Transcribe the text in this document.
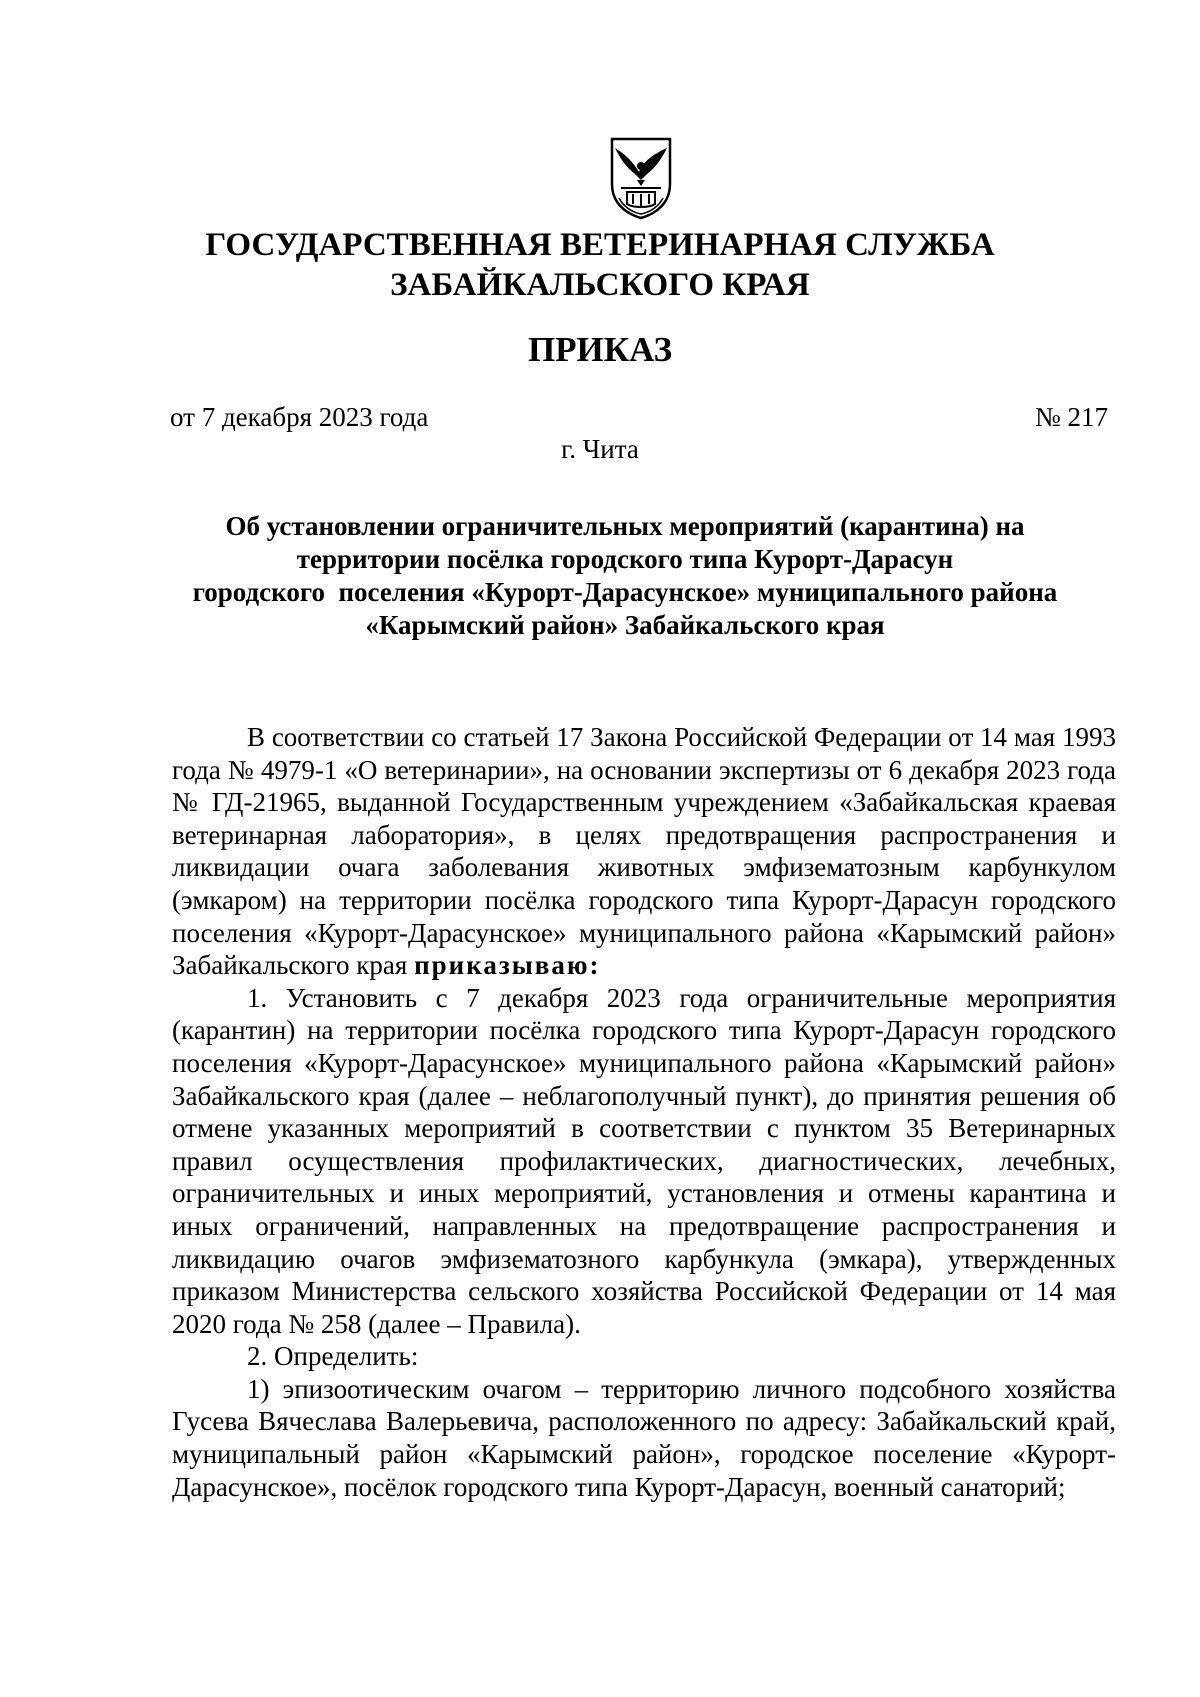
ГОСУДАРСТВЕННАЯ ВЕТЕРИНАРНАЯ СЛУЖБА
ЗАБАЙКАЛЬСКОГО КРАЯ
ПРИКАЗ
от 7 декабря 2023 года	№ 217
г. Чита
Об установлении ограничительных мероприятий (карантина) на
территории посёлка городского типа Курорт-Дарасун
городского  поселения «Курорт-Дарасунское» муниципального района
«Карымский район» Забайкальского края

В соответствии со статьей 17 Закона Российской Федерации от 14 мая 1993 года № 4979-1 «О ветеринарии», на основании экспертизы от 6 декабря 2023 года № ГД-21965, выданной Государственным учреждением «Забайкальская краевая ветеринарная лаборатория», в целях предотвращения распространения и ликвидации очага заболевания животных эмфизематозным карбункулом (эмкаром) на территории посёлка городского типа Курорт-Дарасун городского поселения «Курорт-Дарасунское» муниципального района «Карымский район» Забайкальского края приказываю:

1. Установить с 7 декабря 2023 года ограничительные мероприятия (карантин) на территории посёлка городского типа Курорт-Дарасун городского поселения «Курорт-Дарасунское» муниципального района «Карымский район» Забайкальского края (далее – неблагополучный пункт), до принятия решения об отмене указанных мероприятий в соответствии с пунктом 35 Ветеринарных правил осуществления профилактических, диагностических, лечебных, ограничительных и иных мероприятий, установления и отмены карантина и иных ограничений, направленных на предотвращение распространения и ликвидацию очагов эмфизематозного карбункула (эмкара), утвержденных приказом Министерства сельского хозяйства Российской Федерации от 14 мая 2020 года № 258 (далее – Правила).

2. Определить:

1) эпизоотическим очагом – территорию личного подсобного хозяйства Гусева Вячеслава Валерьевича, расположенного по адресу: Забайкальский край, муниципальный район «Карымский район», городское поселение «Курорт-Дарасунское», посёлок городского типа Курорт-Дарасун, военный санаторий;
